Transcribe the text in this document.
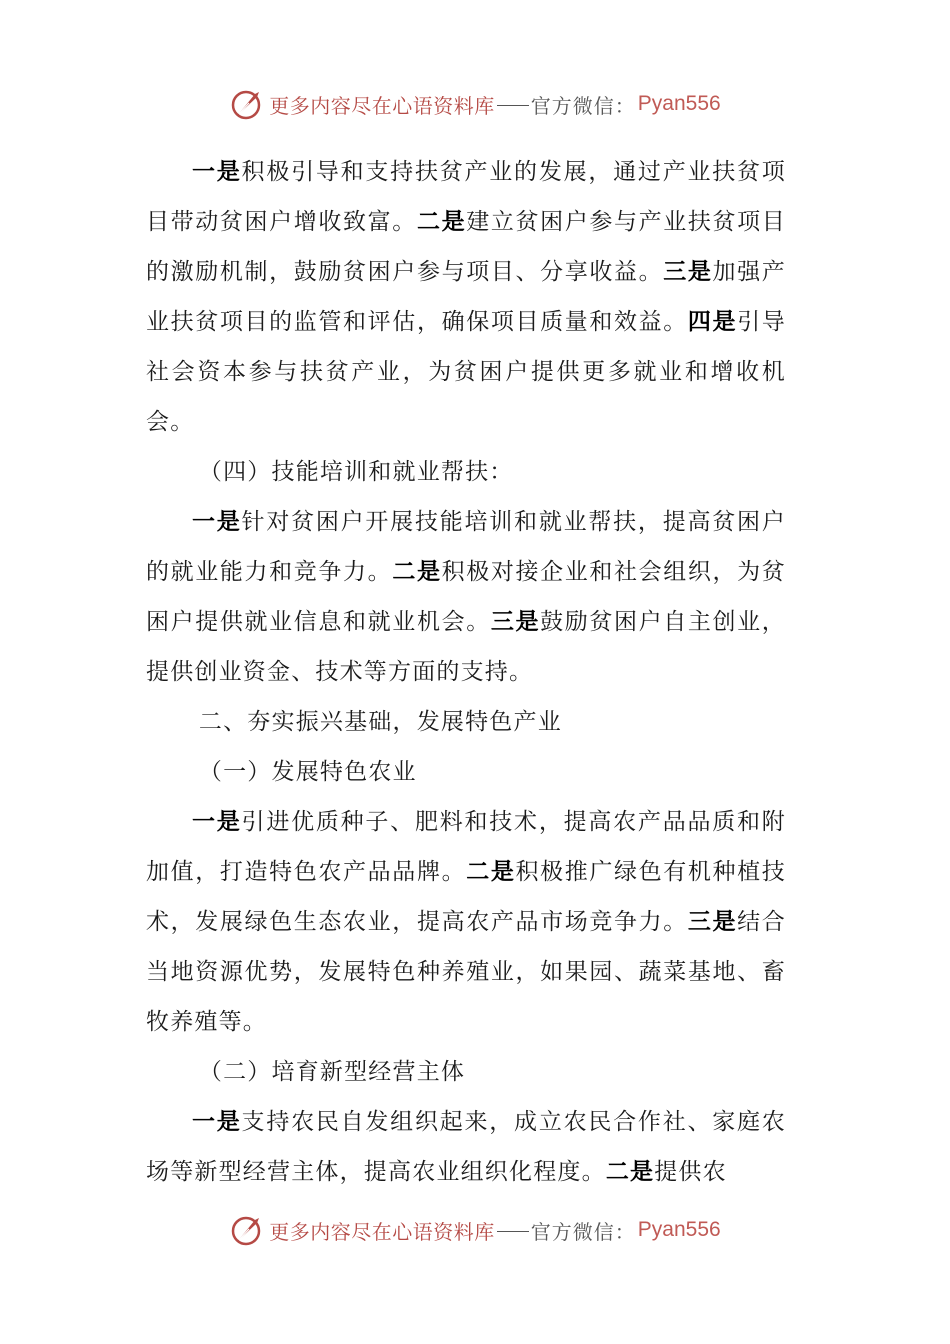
更多内容尽在心语资料库 官方微信： Pyan556

一是积极引导和支持扶贫产业的发展，通过产业扶贫项目带动贫困户增收致富。二是建立贫困户参与产业扶贫项目的激励机制，鼓励贫困户参与项目、分享收益。三是加强产业扶贫项目的监管和评估，确保项目质量和效益。四是引导社会资本参与扶贫产业，为贫困户提供更多就业和增收机会。

（四）技能培训和就业帮扶：

一是针对贫困户开展技能培训和就业帮扶，提高贫困户的就业能力和竞争力。二是积极对接企业和社会组织，为贫困户提供就业信息和就业机会。三是鼓励贫困户自主创业，提供创业资金、技术等方面的支持。

二、夯实振兴基础，发展特色产业

（一）发展特色农业

一是引进优质种子、肥料和技术，提高农产品品质和附加值，打造特色农产品品牌。二是积极推广绿色有机种植技术，发展绿色生态农业，提高农产品市场竞争力。三是结合当地资源优势，发展特色种养殖业，如果园、蔬菜基地、畜牧养殖等。

（二）培育新型经营主体

一是支持农民自发组织起来，成立农民合作社、家庭农场等新型经营主体，提高农业组织化程度。二是提供农

更多内容尽在心语资料库 官方微信： Pyan556
